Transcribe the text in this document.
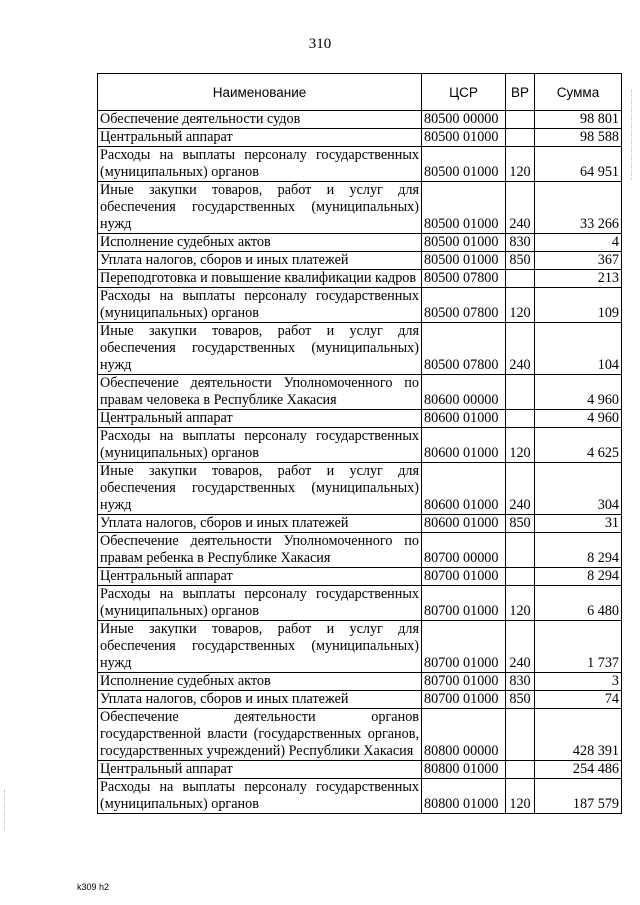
310
Наименование	ЦСР	ВР	Сумма
Обеспечение деятельности судов	80500 00000		98 801
Центральный аппарат	80500 01000		98 588
Расходы на выплаты персоналу государственных (муниципальных) органов	80500 01000	120	64 951
Иные закупки товаров, работ и услуг для обеспечения государственных (муниципальных) нужд	80500 01000	240	33 266
Исполнение судебных актов	80500 01000	830	4
Уплата налогов, сборов и иных платежей	80500 01000	850	367
Переподготовка и повышение квалификации кадров	80500 07800		213
Расходы на выплаты персоналу государственных (муниципальных) органов	80500 07800	120	109
Иные закупки товаров, работ и услуг для обеспечения государственных (муниципальных) нужд	80500 07800	240	104
Обеспечение деятельности Уполномоченного по правам человека в Республике Хакасия	80600 00000		4 960
Центральный аппарат	80600 01000		4 960
Расходы на выплаты персоналу государственных (муниципальных) органов	80600 01000	120	4 625
Иные закупки товаров, работ и услуг для обеспечения государственных (муниципальных) нужд	80600 01000	240	304
Уплата налогов, сборов и иных платежей	80600 01000	850	31
Обеспечение деятельности Уполномоченного по правам ребенка в Республике Хакасия	80700 00000		8 294
Центральный аппарат	80700 01000		8 294
Расходы на выплаты персоналу государственных (муниципальных) органов	80700 01000	120	6 480
Иные закупки товаров, работ и услуг для обеспечения государственных (муниципальных) нужд	80700 01000	240	1 737
Исполнение судебных актов	80700 01000	830	3
Уплата налогов, сборов и иных платежей	80700 01000	850	74
Обеспечение деятельности органов государственной власти (государственных органов, государственных учреждений) Республики Хакасия	80800 00000		428 391
Центральный аппарат	80800 01000		254 486
Расходы на выплаты персоналу государственных (муниципальных) органов	80800 01000	120	187 579
k309 h2
